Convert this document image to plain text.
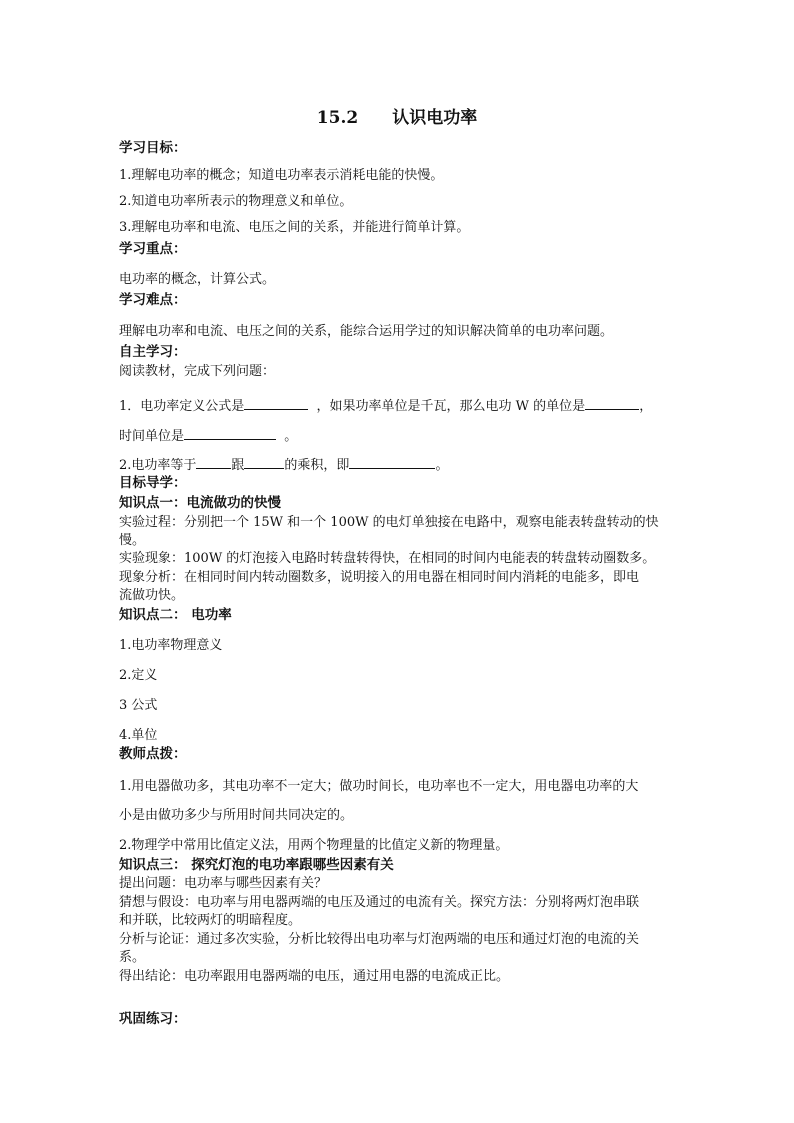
15.2 认识电功率
学习目标：
1.理解电功率的概念；知道电功率表示消耗电能的快慢。
2.知道电功率所表示的物理意义和单位。
3.理解电功率和电流、电压之间的关系，并能进行简单计算。
学习重点：
电功率的概念，计算公式。
学习难点：
理解电功率和电流、电压之间的关系，能综合运用学过的知识解决简单的电功率问题。
自主学习：
阅读教材，完成下列问题：
1．电功率定义公式是	，如果功率单位是千瓦，那么电功 W 的单位是	，
时间单位是	。
2.电功率等于	跟	的乘积，即	。
目标导学：
知识点一：电流做功的快慢
实验过程：分别把一个 15W 和一个 100W 的电灯单独接在电路中，观察电能表转盘转动的快
慢。
实验现象：100W 的灯泡接入电路时转盘转得快，在相同的时间内电能表的转盘转动圈数多。
现象分析：在相同时间内转动圈数多，说明接入的用电器在相同时间内消耗的电能多，即电
流做功快。
知识点二： 电功率
1.电功率物理意义
2.定义
3 公式
4.单位
教师点拨：
1.用电器做功多，其电功率不一定大；做功时间长，电功率也不一定大，用电器电功率的大
小是由做功多少与所用时间共同决定的。
2.物理学中常用比值定义法，用两个物理量的比值定义新的物理量。
知识点三： 探究灯泡的电功率跟哪些因素有关
提出问题：电功率与哪些因素有关？
猜想与假设：电功率与用电器两端的电压及通过的电流有关。探究方法：分别将两灯泡串联
和并联，比较两灯的明暗程度。
分析与论证：通过多次实验，分析比较得出电功率与灯泡两端的电压和通过灯泡的电流的关
系。
得出结论：电功率跟用电器两端的电压，通过用电器的电流成正比。
巩固练习：
